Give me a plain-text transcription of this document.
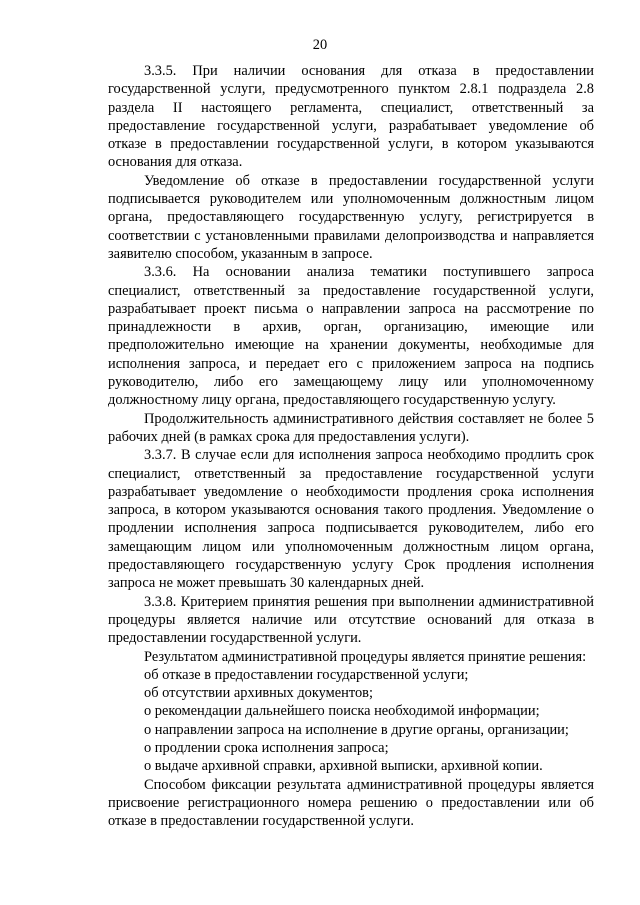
20

3.3.5. При наличии основания для отказа в предоставлении государственной услуги, предусмотренного пунктом 2.8.1 подраздела 2.8 раздела II настоящего регламента, специалист, ответственный за предоставление государственной услуги, разрабатывает уведомление об отказе в предоставлении государственной услуги, в котором указываются основания для отказа.

Уведомление об отказе в предоставлении государственной услуги подписывается руководителем или уполномоченным должностным лицом органа, предоставляющего государственную услугу, регистрируется в соответствии с установленными правилами делопроизводства и направляется заявителю способом, указанным в запросе.

3.3.6. На основании анализа тематики поступившего запроса специалист, ответственный за предоставление государственной услуги, разрабатывает проект письма о направлении запроса на рассмотрение по принадлежности в архив, орган, организацию, имеющие или предположительно имеющие на хранении документы, необходимые для исполнения запроса, и передает его с приложением запроса на подпись руководителю, либо его замещающему лицу или уполномоченному должностному лицу органа, предоставляющего государственную услугу.

Продолжительность административного действия составляет не более 5 рабочих дней (в рамках срока для предоставления услуги).

3.3.7. В случае если для исполнения запроса необходимо продлить срок специалист, ответственный за предоставление государственной услуги разрабатывает уведомление о необходимости продления срока исполнения запроса, в котором указываются основания такого продления. Уведомление о продлении исполнения запроса подписывается руководителем, либо его замещающим лицом или уполномоченным должностным лицом органа, предоставляющего государственную услугу Срок продления исполнения запроса не может превышать 30 календарных дней.

3.3.8. Критерием принятия решения при выполнении административной процедуры является наличие или отсутствие оснований для отказа в предоставлении государственной услуги.

Результатом административной процедуры является принятие решения:

об отказе в предоставлении государственной услуги;

об отсутствии архивных документов;

о рекомендации дальнейшего поиска необходимой информации;

о направлении запроса на исполнение в другие органы, организации;

о продлении срока исполнения запроса;

о выдаче архивной справки, архивной выписки, архивной копии.

Способом фиксации результата административной процедуры является присвоение регистрационного номера решению о предоставлении или об отказе в предоставлении государственной услуги.
